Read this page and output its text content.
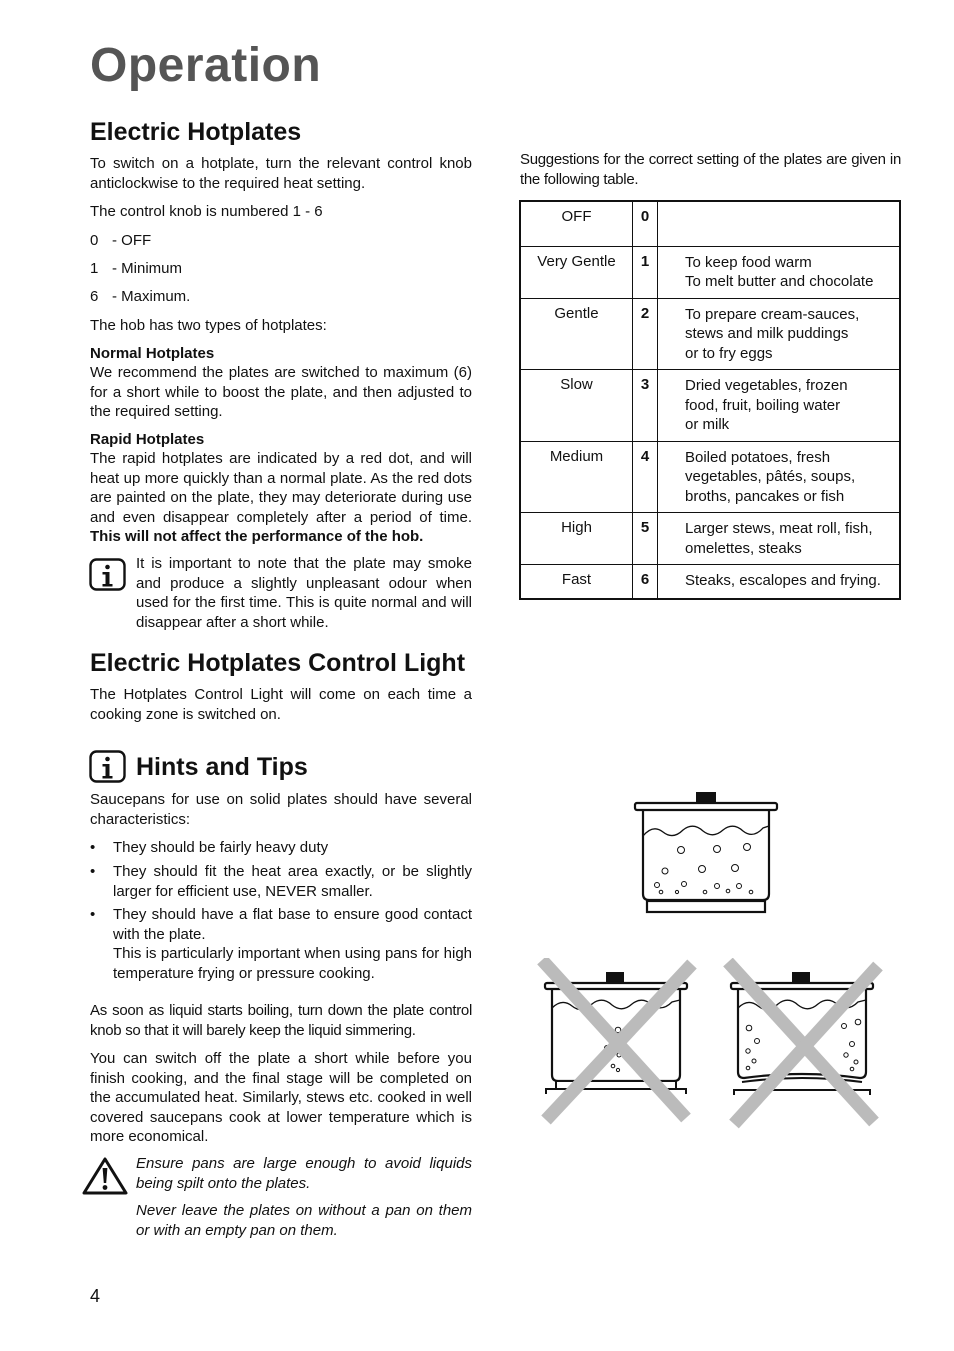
Operation
Electric Hotplates

To switch on a hotplate, turn the relevant control knob anticlockwise to the required heat setting.

The control knob is numbered 1 - 6

0 - OFF
1 - Minimum
6 - Maximum.

The hob has two types of hotplates:

Normal Hotplates

We recommend the plates are switched to maximum (6) for a short while to boost the plate, and then adjusted to the required setting.

Rapid Hotplates

The rapid hotplates are indicated by a red dot, and will heat up more quickly than a normal plate. As the red dots are painted on the plate, they may deteriorate during use and even disappear completely after a period of time. This will not affect the performance of the hob.

It is important to note that the plate may smoke and produce a slightly unpleasant odour when used for the first time. This is quite normal and will disappear after a short while.

Electric Hotplates Control Light

The Hotplates Control Light will come on each time a cooking zone is switched on.

Hints and Tips

Saucepans for use on solid plates should have several characteristics:

• They should be fairly heavy duty
• They should fit the heat area exactly, or be slightly larger for efficient use, NEVER smaller.
• They should have a flat base to ensure good contact with the plate.
This is particularly important when using pans for high temperature frying or pressure cooking.

As soon as liquid starts boiling, turn down the plate control knob so that it will barely keep the liquid simmering.

You can switch off the plate a short while before you finish cooking, and the final stage will be completed on the accumulated heat. Similarly, stews etc. cooked in well covered saucepans cook at lower temperature which is more economical.

Ensure pans are large enough to avoid liquids being spilt onto the plates.

Never leave the plates on without a pan on them or with an empty pan on them.

Suggestions for the correct setting of the plates are given in the following table.

OFF	0	
Very Gentle	1	To keep food warm
To melt butter and chocolate

Gentle	2	To prepare cream-sauces,
stews and milk puddings
or to fry eggs

Slow	3	Dried vegetables, frozen
food, fruit, boiling water
or milk

Medium	4	Boiled potatoes, fresh
vegetables, pâtés, soups,
broths, pancakes or fish

High	5	Larger stews, meat roll, fish,
omelettes, steaks

Fast	6	Steaks, escalopes and frying.
4
